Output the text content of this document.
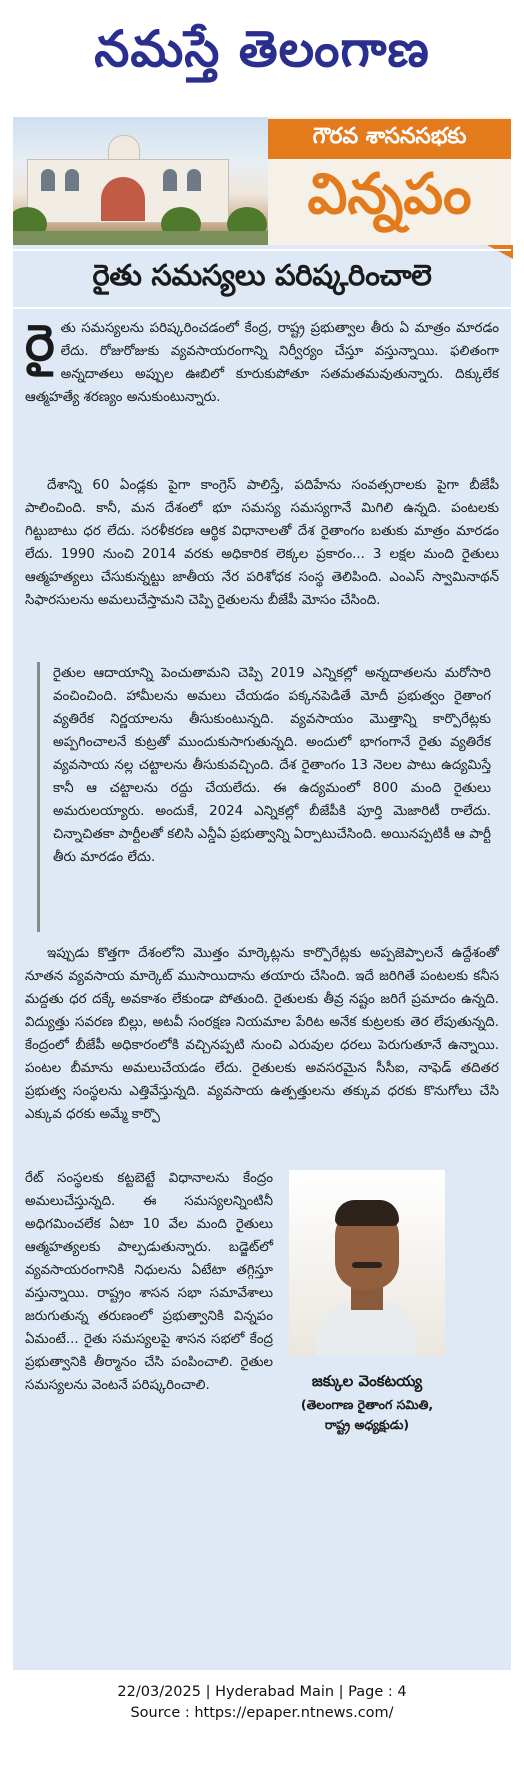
నమస్తే తెలంగాణ
గౌరవ శాసనసభకు
విన్నపం
రైతు సమస్యలు పరిష్కరించాలె

రైతు సమస్యలను పరిష్కరించడంలో కేంద్ర, రాష్ట్ర ప్రభుత్వాల తీరు ఏ మాత్రం మారడం లేదు. రోజురోజుకు వ్యవసాయరంగాన్ని నిర్వీర్యం చేస్తూ వస్తున్నాయి. ఫలితంగా అన్నదాతలు అప్పుల ఊబిలో కూరుకుపోతూ సతమతమవుతున్నారు. దిక్కులేక ఆత్మహత్యే శరణ్యం అనుకుంటున్నారు.

దేశాన్ని 60 ఏండ్లకు పైగా కాంగ్రెస్ పాలిస్తే, పదిహేను సంవత్సరాలకు పైగా బీజేపీ పాలించింది. కానీ, మన దేశంలో భూ సమస్య సమస్యగానే మిగిలి ఉన్నది. పంటలకు గిట్టుబాటు ధర లేదు. సరళీకరణ ఆర్థిక విధానాలతో దేశ రైతాంగం బతుకు మాత్రం మారడం లేదు. 1990 నుంచి 2014 వరకు అధికారిక లెక్కల ప్రకారం... 3 లక్షల మంది రైతులు ఆత్మహత్యలు చేసుకున్నట్టు జాతీయ నేర పరిశోధక సంస్థ తెలిపింది. ఎంఎస్ స్వామినాథన్ సిఫారసులను అమలుచేస్తామని చెప్పి రైతులను బీజేపీ మోసం చేసింది.

రైతుల ఆదాయాన్ని పెంచుతామని చెప్పి 2019 ఎన్నికల్లో అన్నదాతలను మరోసారి వంచించింది. హామీలను అమలు చేయడం పక్కనపెడితే మోదీ ప్రభుత్వం రైతాంగ వ్యతిరేక నిర్ణయాలను తీసుకుంటున్నది. వ్యవసాయం మొత్తాన్ని కార్పొరేట్లకు అప్పగించాలనే కుట్రతో ముందుకుసాగుతున్నది. అందులో భాగంగానే రైతు వ్యతిరేక వ్యవసాయ నల్ల చట్టాలను తీసుకువచ్చింది. దేశ రైతాంగం 13 నెలల పాటు ఉద్యమిస్తే కానీ ఆ చట్టాలను రద్దు చేయలేదు. ఈ ఉద్యమంలో 800 మంది రైతులు అమరులయ్యారు. అందుకే, 2024 ఎన్నికల్లో బీజేపీకి పూర్తి మెజారిటీ రాలేదు. చిన్నాచితకా పార్టీలతో కలిసి ఎన్డీఏ ప్రభుత్వాన్ని ఏర్పాటుచేసింది. అయినప్పటికీ ఆ పార్టీ తీరు మారడం లేదు.

ఇప్పుడు కొత్తగా దేశంలోని మొత్తం మార్కెట్లను కార్పొరేట్లకు అప్పజెప్పాలనే ఉద్దేశంతో నూతన వ్యవసాయ మార్కెట్ ముసాయిదాను తయారు చేసింది. ఇదే జరిగితే పంటలకు కనీస మద్దతు ధర దక్కే అవకాశం లేకుండా పోతుంది. రైతులకు తీవ్ర నష్టం జరిగే ప్రమాదం ఉన్నది. విద్యుత్తు సవరణ బిల్లు, అటవీ సంరక్షణ నియమాల పేరిట అనేక కుట్రలకు తెర లేపుతున్నది. కేంద్రంలో బీజేపీ అధికారంలోకి వచ్చినప్పటి నుంచి ఎరువుల ధరలు పెరుగుతూనే ఉన్నాయి. పంటల బీమాను అమలుచేయడం లేదు. రైతులకు అవసరమైన సీసీఐ, నాఫెడ్ తదితర ప్రభుత్వ సంస్థలను ఎత్తివేస్తున్నది. వ్యవసాయ ఉత్పత్తులను తక్కువ ధరకు కొనుగోలు చేసి ఎక్కువ ధరకు అమ్మే కార్పొ

రేట్ సంస్థలకు కట్టబెట్టే విధానాలను కేంద్రం అమలుచేస్తున్నది. ఈ సమస్యలన్నింటినీ అధిగమించలేక ఏటా 10 వేల మంది రైతులు ఆత్మహత్యలకు పాల్పడుతున్నారు. బడ్జెట్‌లో వ్యవసాయరంగానికి నిధులను ఏటేటా తగ్గిస్తూ వస్తున్నాయి. రాష్ట్రం శాసన సభా సమావేశాలు జరుగుతున్న తరుణంలో ప్రభుత్వానికి విన్నపం ఏమంటే... రైతు సమస్యలపై శాసన సభలో కేంద్ర ప్రభుత్వానికి తీర్మానం చేసి పంపించాలి. రైతుల సమస్యలను వెంటనే పరిష్కరించాలి.	జక్కుల వెంకటయ్య
(తెలంగాణ రైతాంగ సమితి,
రాష్ట్ర అధ్యక్షుడు)
22/03/2025 | Hyderabad Main | Page : 4
Source : https://epaper.ntnews.com/
